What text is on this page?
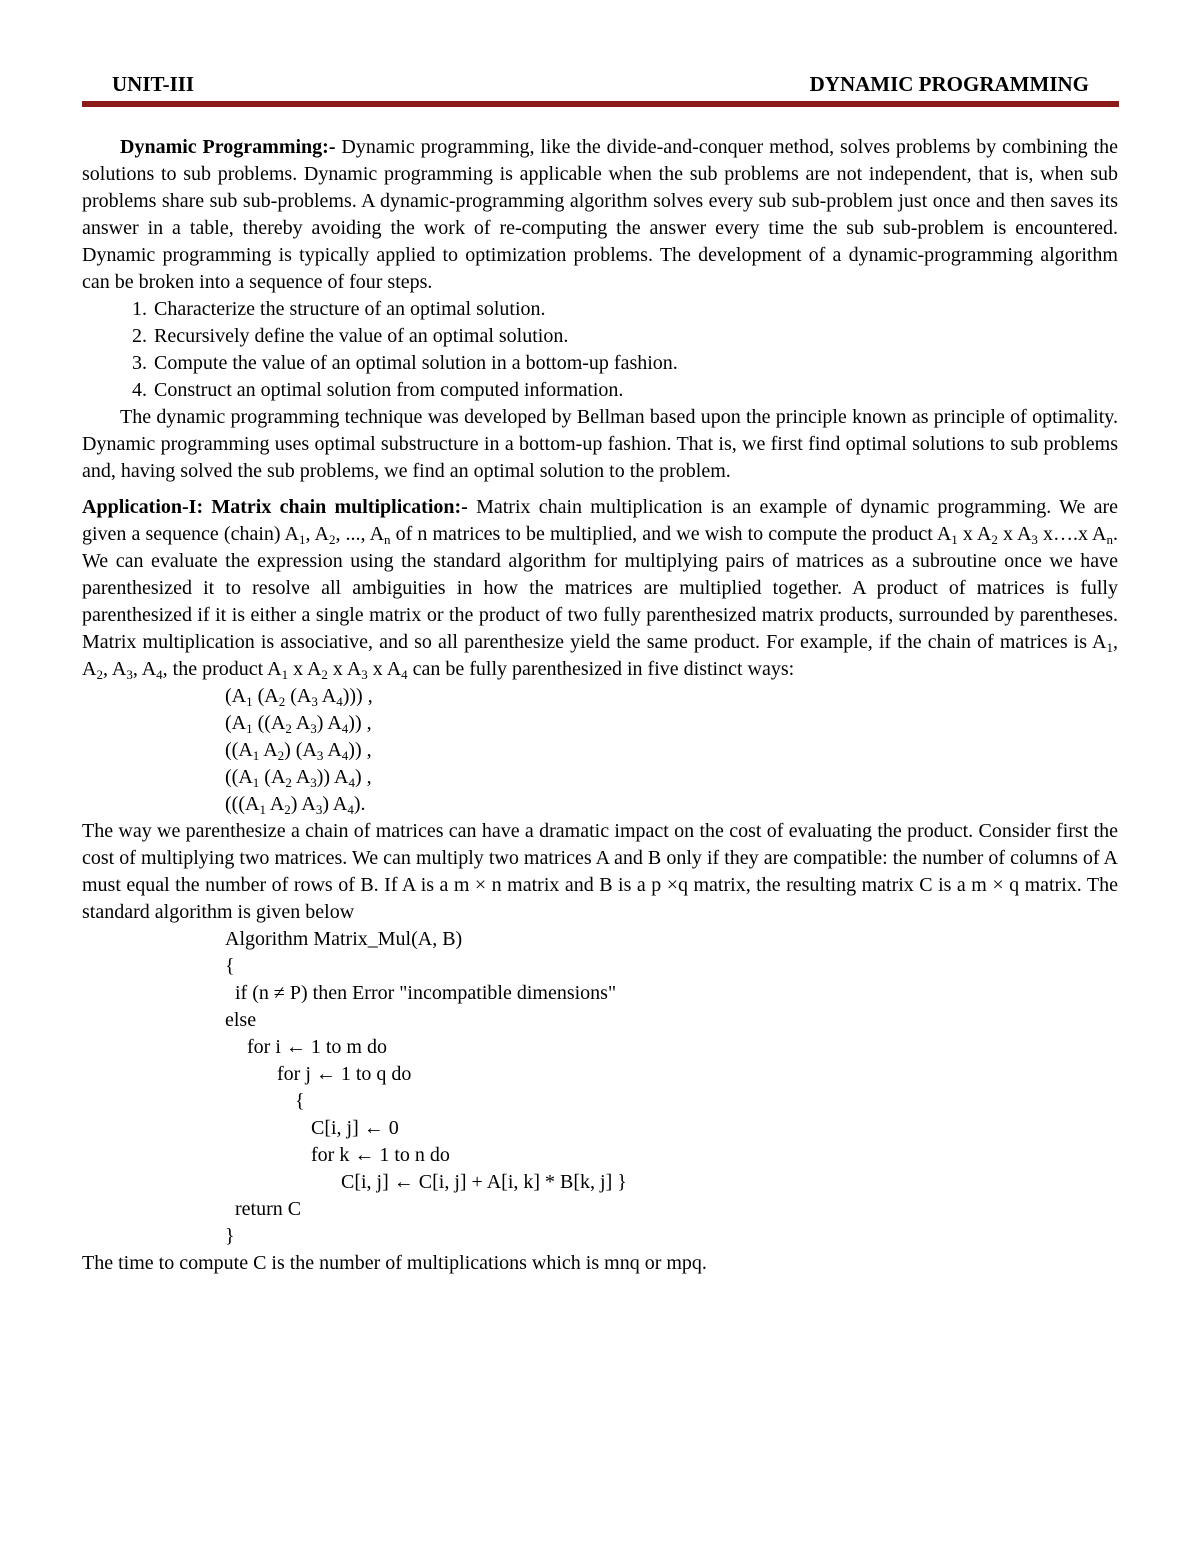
UNIT-III	DYNAMIC PROGRAMMING

Dynamic Programming:- Dynamic programming, like the divide-and-conquer method, solves problems by combining the solutions to sub problems. Dynamic programming is applicable when the sub problems are not independent, that is, when sub problems share sub sub-problems. A dynamic-programming algorithm solves every sub sub-problem just once and then saves its answer in a table, thereby avoiding the work of re-computing the answer every time the sub sub-problem is encountered. Dynamic programming is typically applied to optimization problems. The development of a dynamic-programming algorithm can be broken into a sequence of four steps.

1. Characterize the structure of an optimal solution.
2. Recursively define the value of an optimal solution.
3. Compute the value of an optimal solution in a bottom-up fashion.
4. Construct an optimal solution from computed information.

The dynamic programming technique was developed by Bellman based upon the principle known as principle of optimality. Dynamic programming uses optimal substructure in a bottom-up fashion. That is, we first find optimal solutions to sub problems and, having solved the sub problems, we find an optimal solution to the problem.

Application-I: Matrix chain multiplication:- Matrix chain multiplication is an example of dynamic programming. We are given a sequence (chain) $A_1$, $A_2$, ..., $A_n$ of n matrices to be multiplied, and we wish to compute the product $A_1$ x $A_2$ x $A_3$ x….x $A_n$. We can evaluate the expression using the standard algorithm for multiplying pairs of matrices as a subroutine once we have parenthesized it to resolve all ambiguities in how the matrices are multiplied together. A product of matrices is fully parenthesized if it is either a single matrix or the product of two fully parenthesized matrix products, surrounded by parentheses. Matrix multiplication is associative, and so all parenthesize yield the same product. For example, if the chain of matrices is $A_1$, $A_2$, $A_3$, $A_4$, the product $A_1$ x $A_2$ x $A_3$ x $A_4$ can be fully parenthesized in five distinct ways:

($A_1$ ($A_2$ ($A_3$ $A_4$))) ,
($A_1$ (($A_2$ $A_3$) $A_4$)) ,
(($A_1$ $A_2$) ($A_3$ $A_4$)) ,
(($A_1$ ($A_2$ $A_3$)) $A_4$) ,
((($A_1$ $A_2$) $A_3$) $A_4$).

The way we parenthesize a chain of matrices can have a dramatic impact on the cost of evaluating the product. Consider first the cost of multiplying two matrices. We can multiply two matrices A and B only if they are compatible: the number of columns of A must equal the number of rows of B. If A is a m × n matrix and B is a p ×q matrix, the resulting matrix C is a m × q matrix. The standard algorithm is given below

Algorithm Matrix_Mul(A, B)
{
if (n ≠ P) then Error "incompatible dimensions"
else
for i ← 1 to m do
for j ← 1 to q do
{
C[i, j] ← 0
for k ← 1 to n do
C[i, j] ← C[i, j] + A[i, k] * B[k, j] }
return C
}

The time to compute C is the number of multiplications which is mnq or mpq.
